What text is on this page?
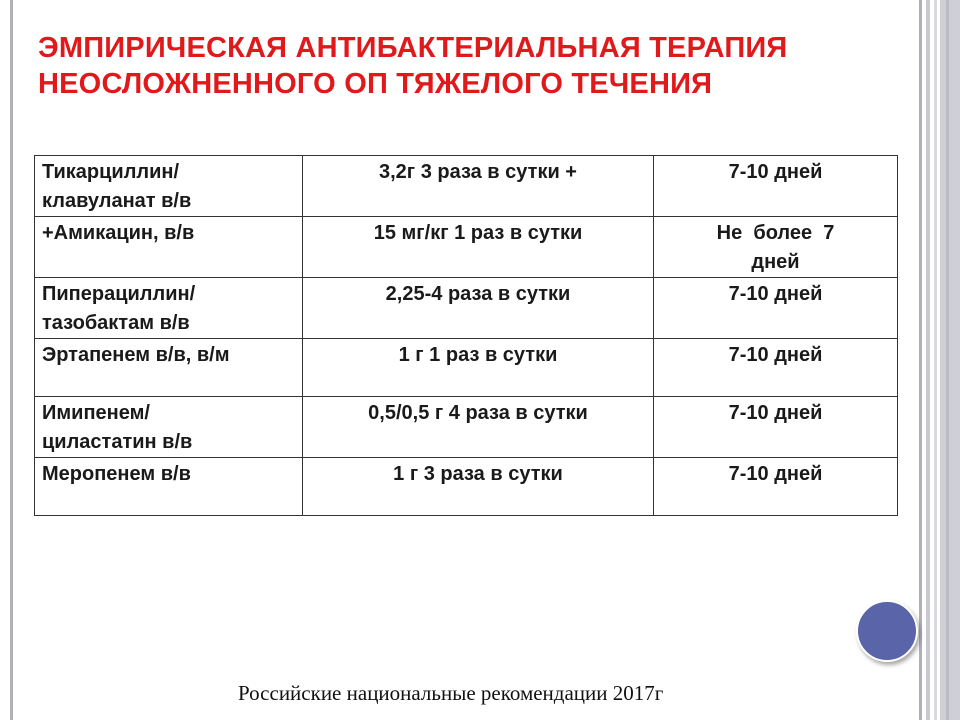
ЭМПИРИЧЕСКАЯ АНТИБАКТЕРИАЛЬНАЯ ТЕРАПИЯ
НЕОСЛОЖНЕННОГО ОП ТЯЖЕЛОГО ТЕЧЕНИЯ
Тикарциллин/
клавуланат в/в	3,2г 3 раза в сутки +	7-10 дней

+Амикацин, в/в	15 мг/кг 1 раз в сутки	Не  более  7
дней
Пиперациллин/
тазобактам в/в	2,25-4 раза в сутки	7-10 дней

Эртапенем в/в, в/м	1 г 1 раз в сутки	7-10 дней

Имипенем/
циластатин в/в	0,5/0,5 г 4 раза в сутки	7-10 дней

Меропенем в/в	1 г 3 раза в сутки	7-10 дней

Российские национальные рекомендации 2017г
